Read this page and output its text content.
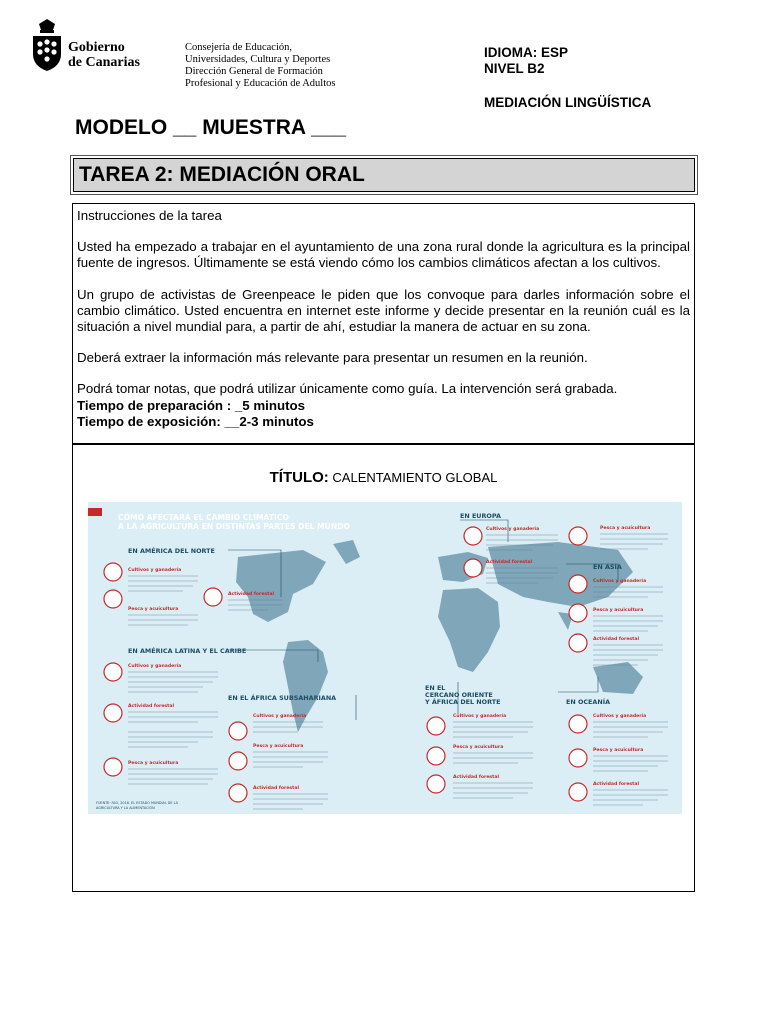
Gobierno
de Canarias
Consejería de Educación,
Universidades, Cultura y Deportes
Dirección General de Formación
Profesional y Educación de Adultos
IDIOMA: ESP
NIVEL B2
MEDIACIÓN LINGÜÍSTICA
MODELO __ MUESTRA ___
TAREA 2: MEDIACIÓN ORAL

Instrucciones de la tarea

Usted ha empezado a trabajar en el ayuntamiento de una zona rural donde la agricultura es la principal fuente de ingresos. Últimamente se está viendo cómo los cambios climáticos afectan a los cultivos.

Un grupo de activistas de Greenpeace le piden que los convoque para darles información sobre el cambio climático. Usted encuentra en internet este informe y decide presentar en la reunión cuál es la situación a nivel mundial para, a partir de ahí, estudiar la manera de actuar en su zona.

Deberá extraer la información más relevante para presentar un resumen en la reunión.

Podrá tomar notas, que podrá utilizar únicamente como guía. La intervención será grabada.

Tiempo de preparación : _5 minutos

Tiempo de exposición: __2-3 minutos

TÍTULO: CALENTAMIENTO GLOBAL
CÓMO AFECTARÁ EL CAMBIO CLIMÁTICO
A LA AGRICULTURA EN DISTINTAS PARTES DEL MUNDO
EN AMÉRICA DEL NORTE
EN AMÉRICA LATINA Y EL CARIBE
EN EL ÁFRICA SUBSAHARIANA
EN EL
CERCANO ORIENTE
Y ÁFRICA DEL NORTE
EN EUROPA
EN ASIA
EN OCEANÍA
Cultivos y ganadería
Pesca y acuicultura
Actividad forestal
Cultivos y ganadería
Actividad forestal
Pesca y acuicultura
Cultivos y ganadería
Pesca y acuicultura
Actividad forestal
Cultivos y ganadería
Pesca y acuicultura
Actividad forestal
Cultivos y ganadería
Actividad forestal
Pesca y acuicultura
Cultivos y ganadería
Pesca y acuicultura
Actividad forestal
Cultivos y ganadería
Pesca y acuicultura
Actividad forestal
FUENTE: FAO, 2018. EL ESTADO MUNDIAL DE LA
AGRICULTURA Y LA ALIMENTACIÓN
